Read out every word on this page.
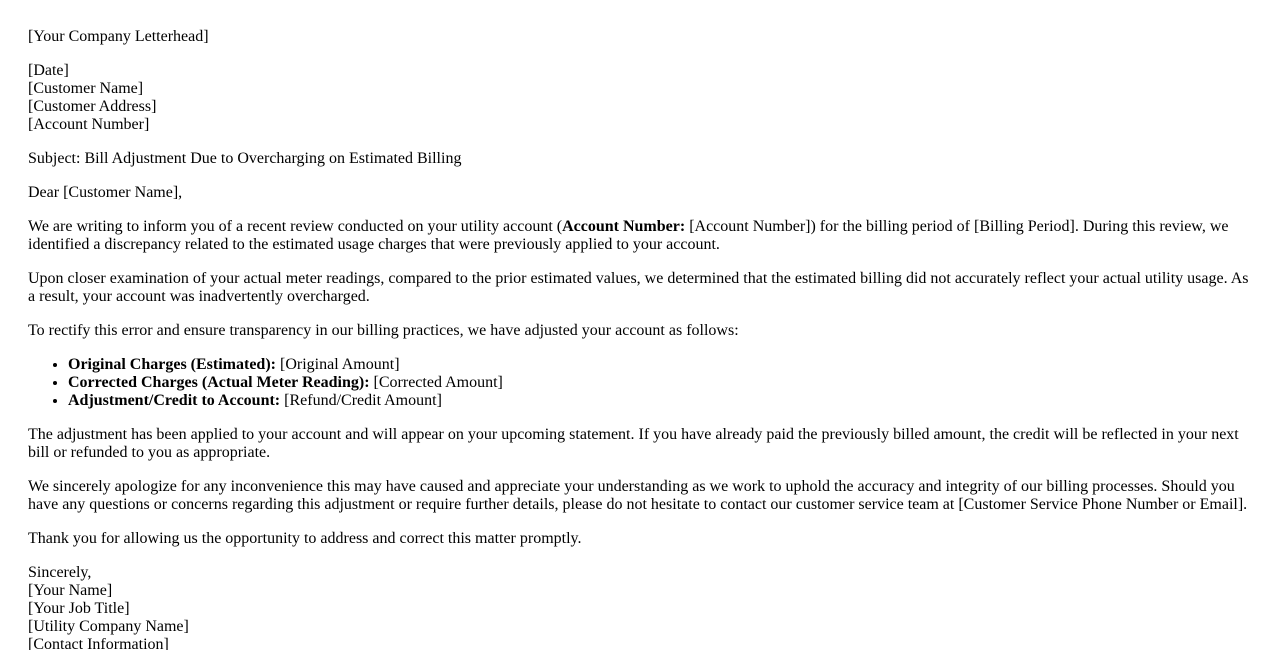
[Your Company Letterhead]

[Date]
[Customer Name]
[Customer Address]
[Account Number]

Subject: Bill Adjustment Due to Overcharging on Estimated Billing

Dear [Customer Name],

We are writing to inform you of a recent review conducted on your utility account (Account Number: [Account Number]) for the billing period of [Billing Period]. During this review, we identified a discrepancy related to the estimated usage charges that were previously applied to your account.

Upon closer examination of your actual meter readings, compared to the prior estimated values, we determined that the estimated billing did not accurately reflect your actual utility usage. As a result, your account was inadvertently overcharged.

To rectify this error and ensure transparency in our billing practices, we have adjusted your account as follows:

• Original Charges (Estimated): [Original Amount]
• Corrected Charges (Actual Meter Reading): [Corrected Amount]
• Adjustment/Credit to Account: [Refund/Credit Amount]

The adjustment has been applied to your account and will appear on your upcoming statement. If you have already paid the previously billed amount, the credit will be reflected in your next bill or refunded to you as appropriate.

We sincerely apologize for any inconvenience this may have caused and appreciate your understanding as we work to uphold the accuracy and integrity of our billing processes. Should you have any questions or concerns regarding this adjustment or require further details, please do not hesitate to contact our customer service team at [Customer Service Phone Number or Email].

Thank you for allowing us the opportunity to address and correct this matter promptly.

Sincerely,
[Your Name]
[Your Job Title]
[Utility Company Name]
[Contact Information]
